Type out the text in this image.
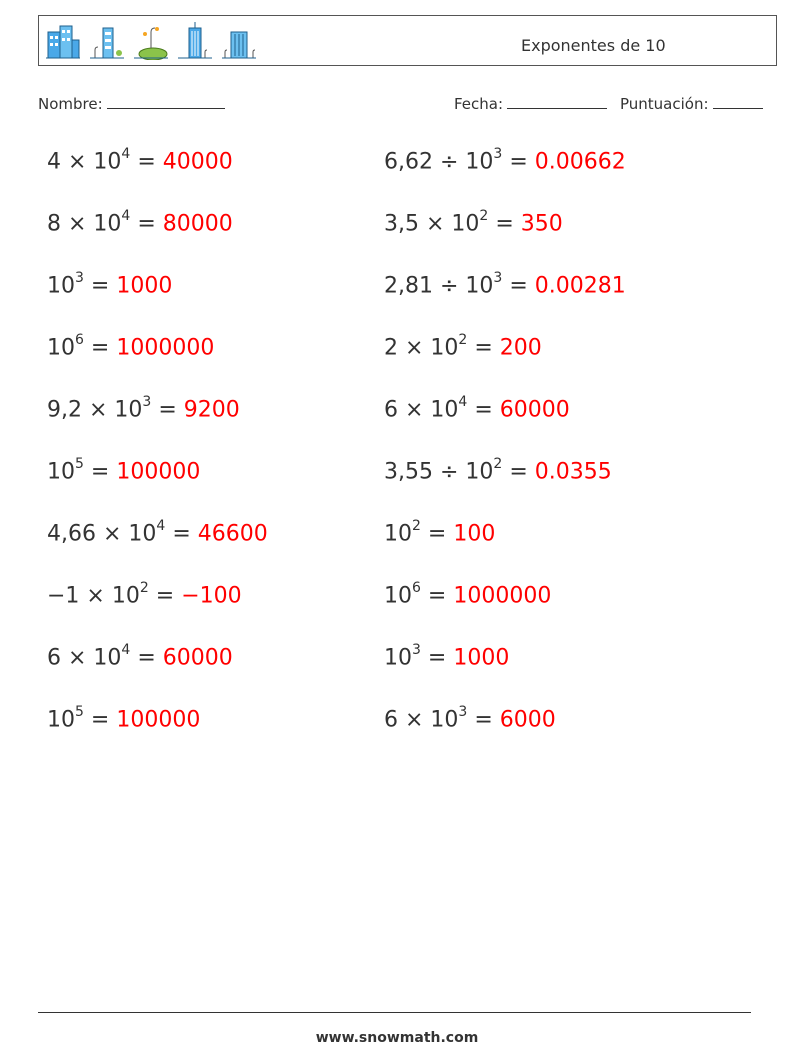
Exponentes de 10
Nombre:	Fecha:	Puntuación:
$4 \times 10^4 = 40000$	$6,62 \div 10^3 = 0.00662$
$8 \times 10^4 = 80000$	$3,5 \times 10^2 = 350$
$10^3 = 1000$	$2,81 \div 10^3 = 0.00281$
$10^6 = 1000000$	$2 \times 10^2 = 200$
$9,2 \times 10^3 = 9200$	$6 \times 10^4 = 60000$
$10^5 = 100000$	$3,55 \div 10^2 = 0.0355$
$4,66 \times 10^4 = 46600$	$10^2 = 100$
$-1 \times 10^2 = -100$	$10^6 = 1000000$
$6 \times 10^4 = 60000$	$10^3 = 1000$
$10^5 = 100000$	$6 \times 10^3 = 6000$
www.snowmath.com
